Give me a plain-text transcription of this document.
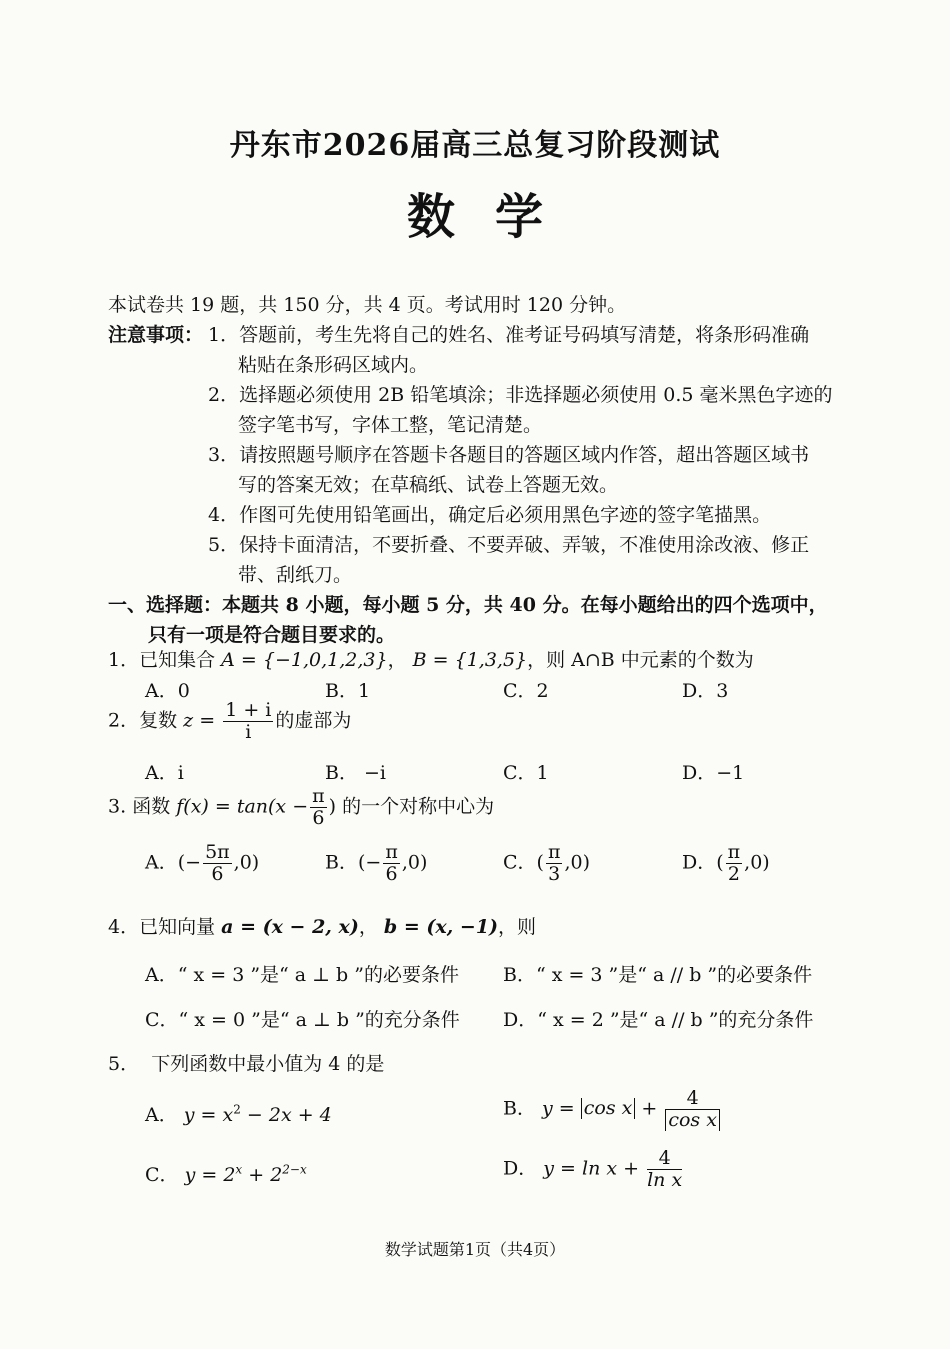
丹东市2026届高三总复习阶段测试
数学
本试卷共 19 题，共 150 分，共 4 页。考试用时 120 分钟。
注意事项： 1．答题前，考生先将自己的姓名、准考证号码填写清楚，将条形码准确
粘贴在条形码区域内。
2．选择题必须使用 2B 铅笔填涂；非选择题必须使用 0.5 毫米黑色字迹的
签字笔书写，字体工整，笔记清楚。
3．请按照题号顺序在答题卡各题目的答题区域内作答，超出答题区域书
写的答案无效；在草稿纸、试卷上答题无效。
4．作图可先使用铅笔画出，确定后必须用黑色字迹的签字笔描黑。
5．保持卡面清洁，不要折叠、不要弄破、弄皱，不准使用涂改液、修正
带、刮纸刀。
一、选择题：本题共 8 小题，每小题 5 分，共 40 分。在每小题给出的四个选项中，
只有一项是符合题目要求的。
1．已知集合 A = {−1,0,1,2,3}， B = {1,3,5}，则 A∩B 中元素的个数为
A．0	B．1	C．2	D．3
2．复数 $z = \frac{1 + i}{i}$ 的虚部为
A．i	B． −i	C．1	D．−1
3. 函数 $f(x) = \tan(x - \frac{\pi}{6}$ ) 的一个对称中心为
A．(− $\frac{5\pi}{6} ,0$)	B．(− $\frac{\pi}{6} ,0$)	C．( $\frac{\pi}{3} ,0$)	D．( $\frac{\pi}{2} ,0$)
4．已知向量 a = (x − 2, x)， b = (x, −1)，则
A．“ x = 3 ”是“ a ⊥ b ”的必要条件 B．“ x = 3 ”是“ a // b ”的必要条件
C．“ x = 0 ”是“ a ⊥ b ”的充分条件 D．“ x = 2 ”是“ a // b ”的充分条件
5． 下列函数中最小值为 4 的是
A． $y = x^2 - 2x + 4$	B． $y = \cos x + \frac{4}{\text{cos x}}$
C． $y = 2^x + 2^{2-x}$	D． $y = \ln x + \frac{4}{\text{ln x}}$
数学试题第1页（共4页）
